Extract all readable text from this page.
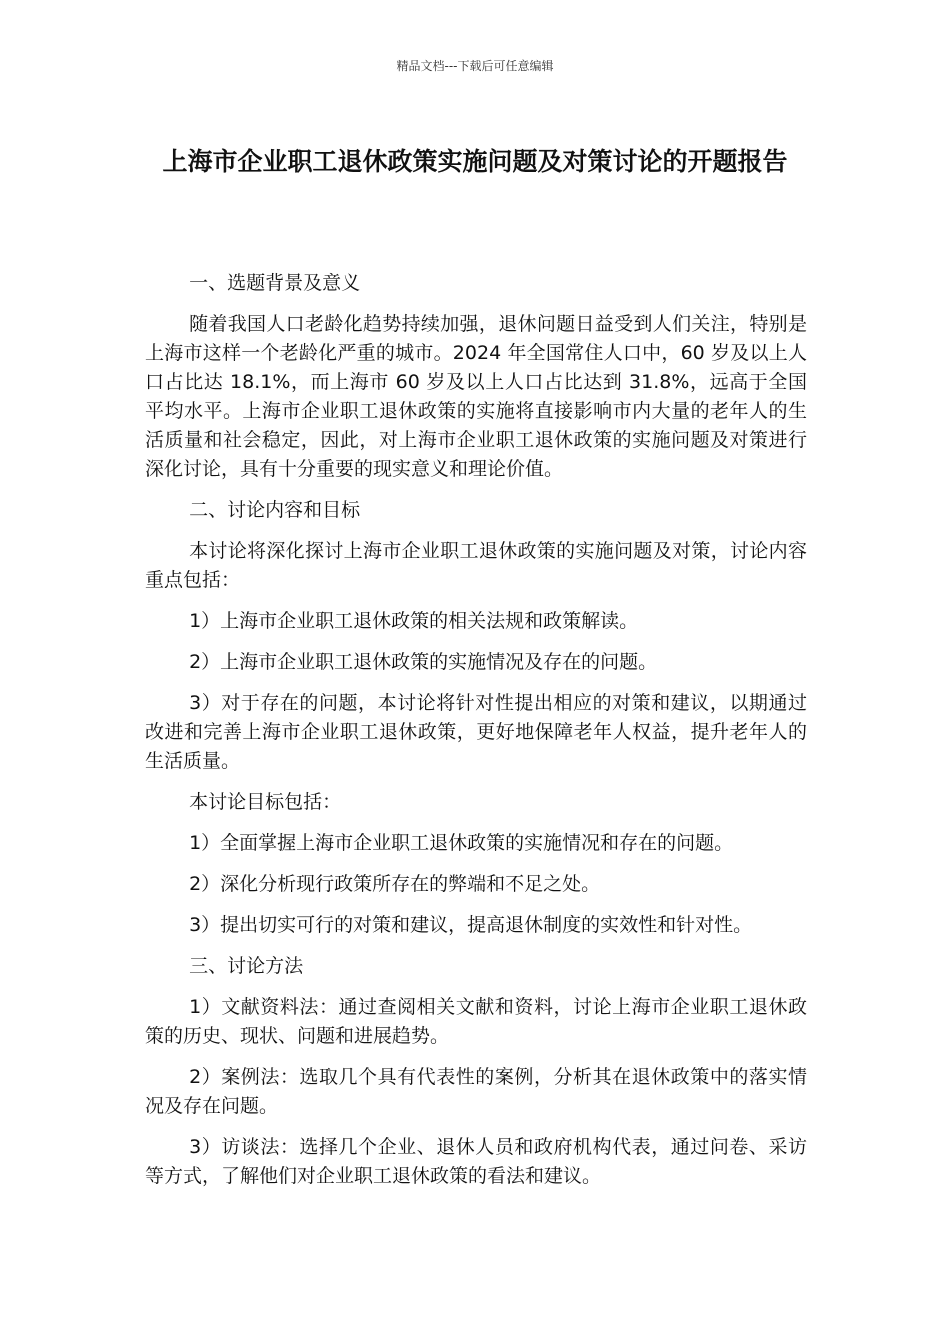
精品文档---下载后可任意编辑
上海市企业职工退休政策实施问题及对策讨论的开题报告

一、选题背景及意义

随着我国人口老龄化趋势持续加强，退休问题日益受到人们关注，特别是上海市这样一个老龄化严重的城市。2024 年全国常住人口中，60 岁及以上人口占比达 18.1%，而上海市 60 岁及以上人口占比达到 31.8%，远高于全国平均水平。上海市企业职工退休政策的实施将直接影响市内大量的老年人的生活质量和社会稳定，因此，对上海市企业职工退休政策的实施问题及对策进行深化讨论，具有十分重要的现实意义和理论价值。

二、讨论内容和目标

本讨论将深化探讨上海市企业职工退休政策的实施问题及对策，讨论内容重点包括：

1）上海市企业职工退休政策的相关法规和政策解读。

2）上海市企业职工退休政策的实施情况及存在的问题。

3）对于存在的问题，本讨论将针对性提出相应的对策和建议，以期通过改进和完善上海市企业职工退休政策，更好地保障老年人权益，提升老年人的生活质量。

本讨论目标包括：

1）全面掌握上海市企业职工退休政策的实施情况和存在的问题。

2）深化分析现行政策所存在的弊端和不足之处。

3）提出切实可行的对策和建议，提高退休制度的实效性和针对性。

三、讨论方法

1）文献资料法：通过查阅相关文献和资料，讨论上海市企业职工退休政策的历史、现状、问题和进展趋势。

2）案例法：选取几个具有代表性的案例，分析其在退休政策中的落实情况及存在问题。

3）访谈法：选择几个企业、退休人员和政府机构代表，通过问卷、采访等方式，了解他们对企业职工退休政策的看法和建议。
